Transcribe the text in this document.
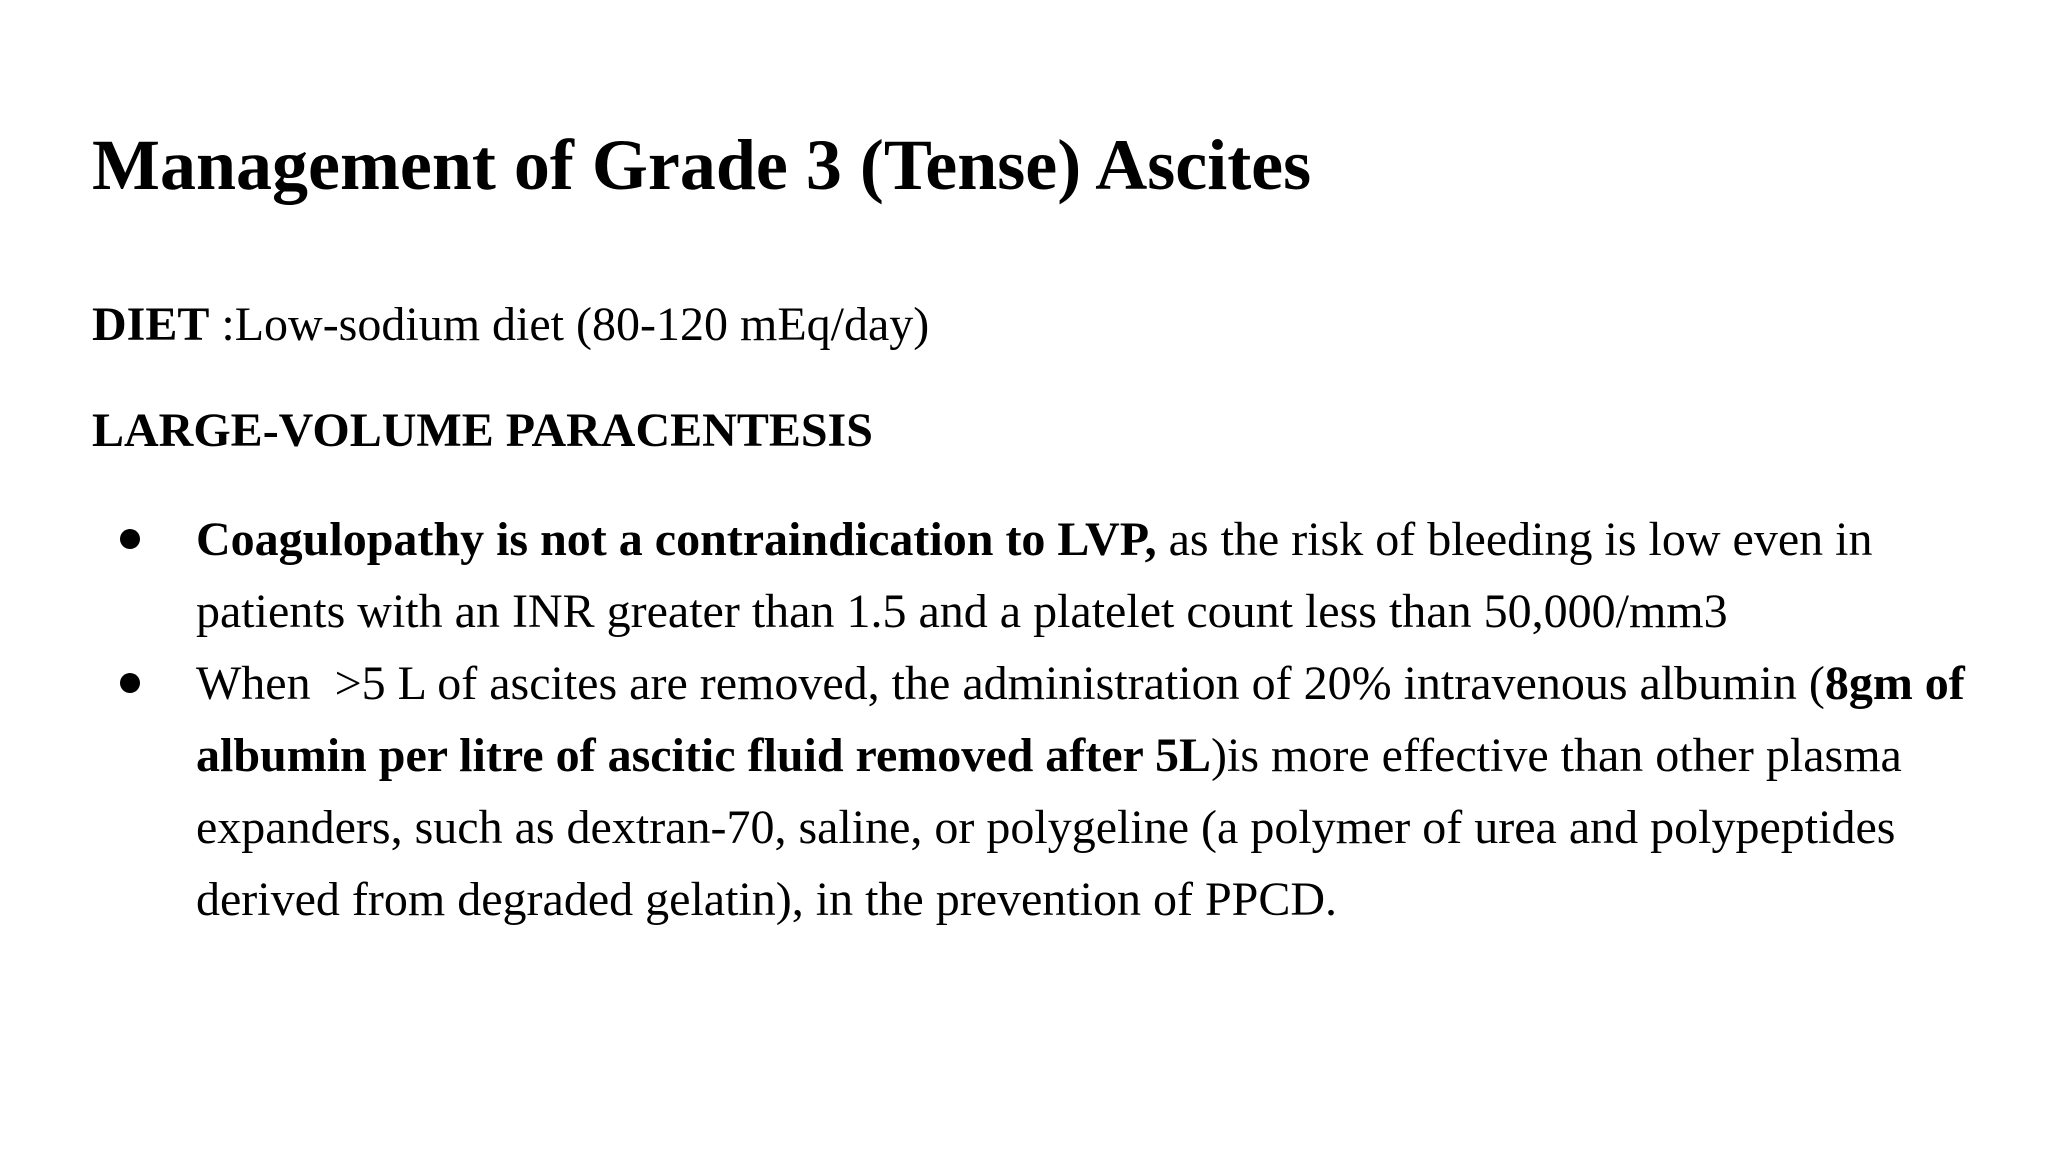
Management of Grade 3 (Tense) Ascites

DIET :Low-sodium diet (80-120 mEq/day)

LARGE-VOLUME PARACENTESIS
Coagulopathy is not a contraindication to LVP, as the risk of bleeding is low even in patients with an INR greater than 1.5 and a platelet count less than 50,000/mm3
When  >5 L of ascites are removed, the administration of 20% intravenous albumin (8gm of albumin per litre of ascitic fluid removed after 5L)is more effective than other plasma expanders, such as dextran-70, saline, or polygeline (a polymer of urea and polypeptides derived from degraded gelatin), in the prevention of PPCD.
